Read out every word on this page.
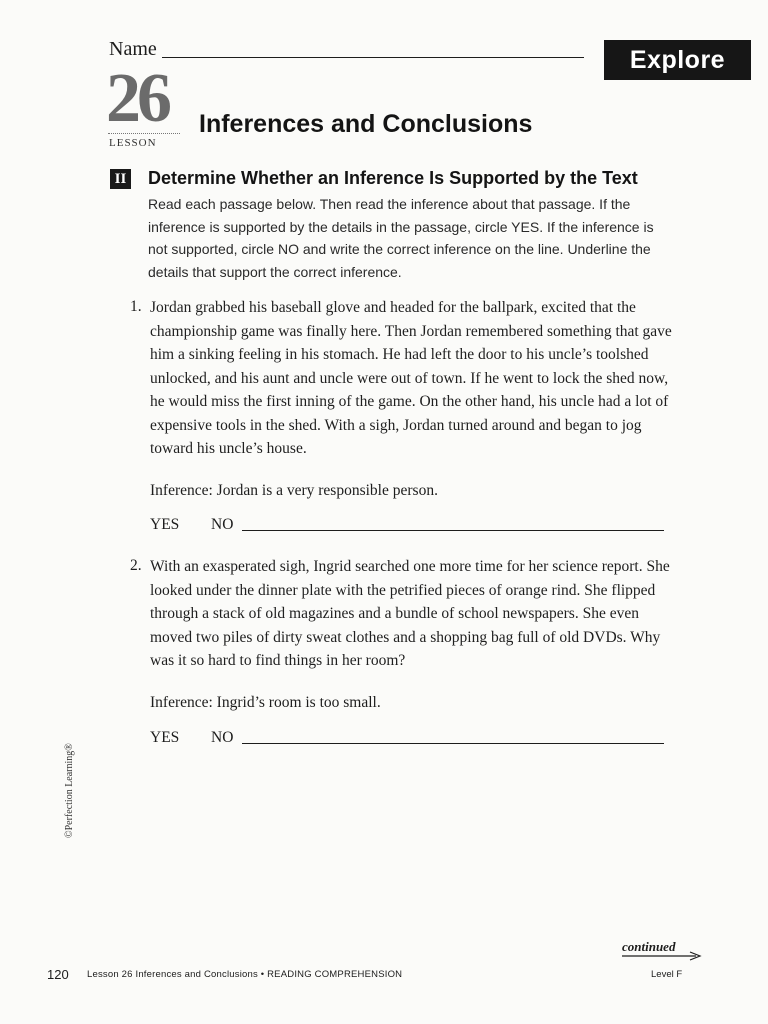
Name	Explore
26
LESSON
Inferences and Conclusions
II Determine Whether an Inference Is Supported by the Text

Read each passage below. Then read the inference about that passage. If the inference is supported by the details in the passage, circle YES. If the inference is not supported, circle NO and write the correct inference on the line. Underline the details that support the correct inference.

1. Jordan grabbed his baseball glove and headed for the ballpark, excited that the championship game was finally here. Then Jordan remembered something that gave him a sinking feeling in his stomach. He had left the door to his uncle’s toolshed unlocked, and his aunt and uncle were out of town. If he went to lock the shed now, he would miss the first inning of the game. On the other hand, his uncle had a lot of expensive tools in the shed. With a sigh, Jordan turned around and began to jog toward his uncle’s house.

Inference: Jordan is a very responsible person.

YES NO
2. With an exasperated sigh, Ingrid searched one more time for her science report. She looked under the dinner plate with the petrified pieces of orange rind. She flipped through a stack of old magazines and a bundle of school newspapers. She even moved two piles of dirty sweat clothes and a shopping bag full of old DVDs. Why was it so hard to find things in her room?

Inference: Ingrid’s room is too small.

YES NO
©Perfection Learning®
continued
120 Lesson 26 Inferences and Conclusions • READING COMPREHENSION	Level F
